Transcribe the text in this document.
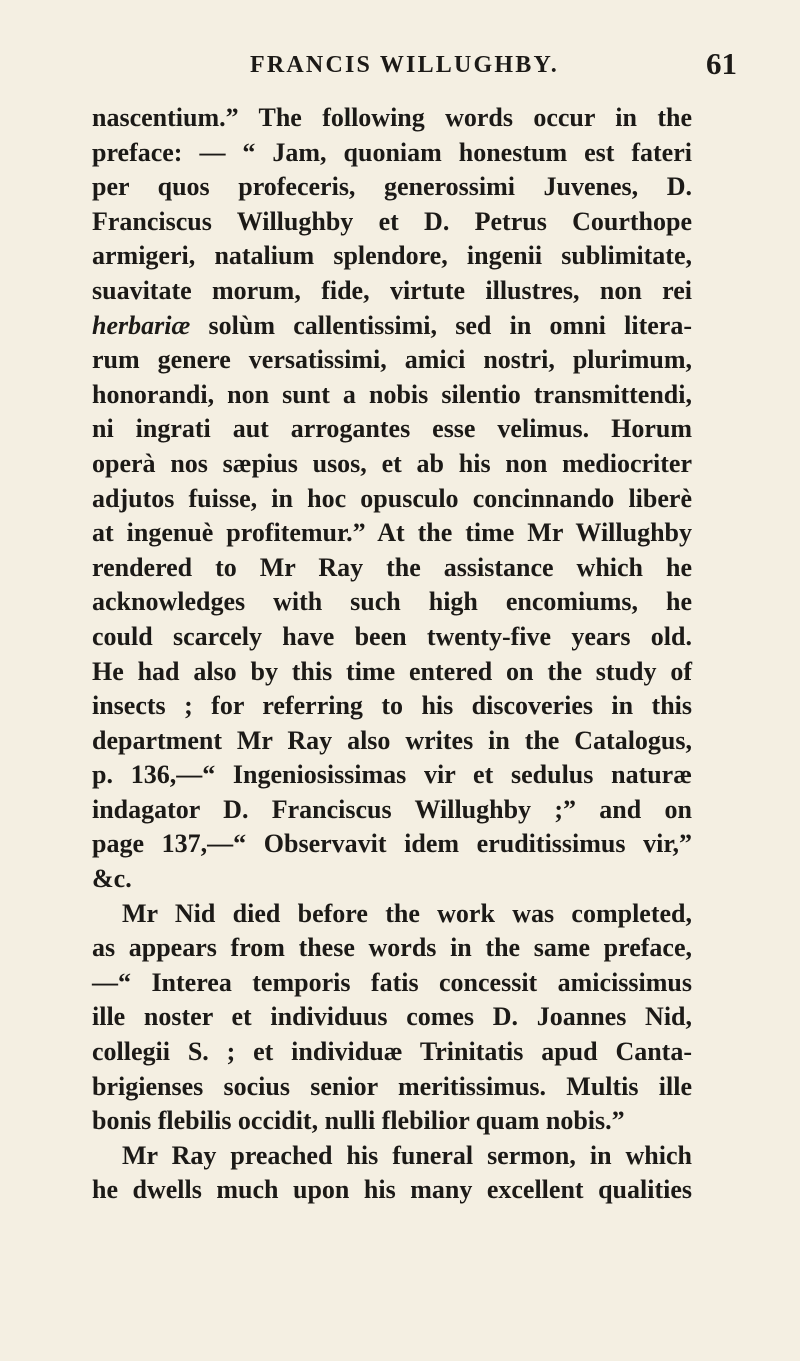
FRANCIS WILLUGHBY.	61
nascentium.” The following words occur in the
preface: — “ Jam, quoniam honestum est fateri
per quos profeceris, generossimi Juvenes, D.
Franciscus Willughby et D. Petrus Courthope
armigeri, natalium splendore, ingenii sublimitate,
suavitate morum, fide, virtute illustres, non rei
herbariæ solùm callentissimi, sed in omni litera-
rum genere versatissimi, amici nostri, plurimum,
honorandi, non sunt a nobis silentio transmittendi,
ni ingrati aut arrogantes esse velimus. Horum
operà nos sæpius usos, et ab his non mediocriter
adjutos fuisse, in hoc opusculo concinnando liberè
at ingenuè profitemur.” At the time Mr Willughby
rendered to Mr Ray the assistance which he
acknowledges with such high encomiums, he
could scarcely have been twenty-five years old.
He had also by this time entered on the study of
insects ; for referring to his discoveries in this
department Mr Ray also writes in the Catalogus,
p. 136,—“ Ingeniosissimas vir et sedulus naturæ
indagator D. Franciscus Willughby ;” and on
page 137,—“ Observavit idem eruditissimus vir,”
&c.
Mr Nid died before the work was completed,
as appears from these words in the same preface,
—“ Interea temporis fatis concessit amicissimus
ille noster et individuus comes D. Joannes Nid,
collegii S. ; et individuæ Trinitatis apud Canta-
brigienses socius senior meritissimus. Multis ille
bonis flebilis occidit, nulli flebilior quam nobis.”
Mr Ray preached his funeral sermon, in which
he dwells much upon his many excellent qualities
